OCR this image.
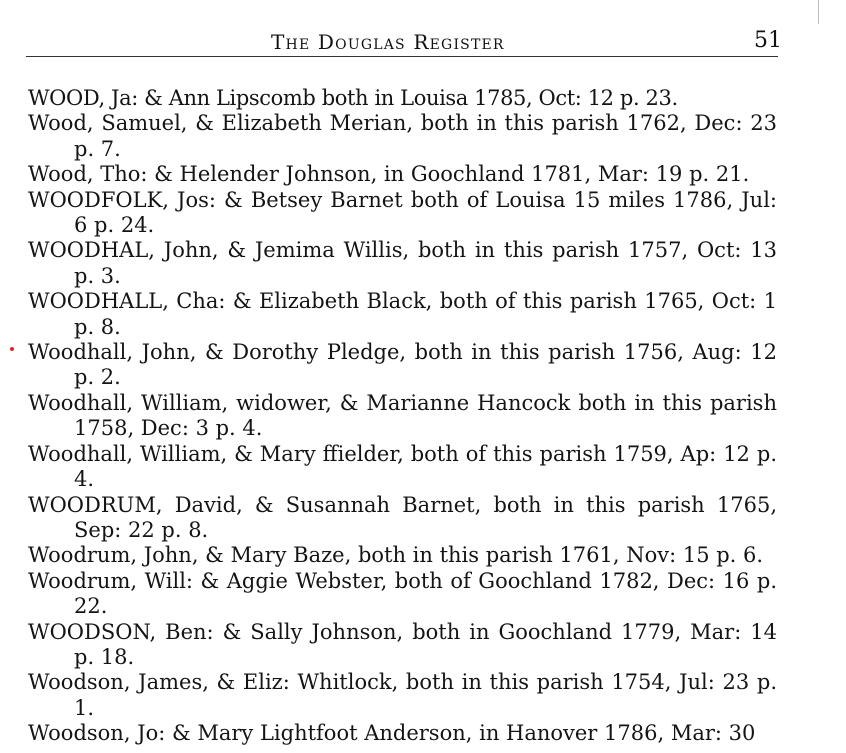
The Douglas Register	51

WOOD, Ja: & Ann Lipscomb both in Louisa 1785, Oct: 12 p. 23.

Wood, Samuel, & Elizabeth Merian, both in this parish 1762, Dec: 23 p. 7.

Wood, Tho: & Helender Johnson, in Goochland 1781, Mar: 19 p. 21.

WOODFOLK, Jos: & Betsey Barnet both of Louisa 15 miles 1786, Jul: 6 p. 24.

WOODHAL, John, & Jemima Willis, both in this parish 1757, Oct: 13 p. 3.

WOODHALL, Cha: & Elizabeth Black, both of this parish 1765, Oct: 1 p. 8.

Woodhall, John, & Dorothy Pledge, both in this parish 1756, Aug: 12 p. 2.

Woodhall, William, widower, & Marianne Hancock both in this parish 1758, Dec: 3 p. 4.

Woodhall, William, & Mary ffielder, both of this parish 1759, Ap: 12 p. 4.

WOODRUM, David, & Susannah Barnet, both in this parish 1765, Sep: 22 p. 8.

Woodrum, John, & Mary Baze, both in this parish 1761, Nov: 15 p. 6.

Woodrum, Will: & Aggie Webster, both of Goochland 1782, Dec: 16 p. 22.

WOODSON, Ben: & Sally Johnson, both in Goochland 1779, Mar: 14 p. 18.

Woodson, James, & Eliz: Whitlock, both in this parish 1754, Jul: 23 p. 1.

Woodson, Jo: & Mary Lightfoot Anderson, in Hanover 1786, Mar: 30
